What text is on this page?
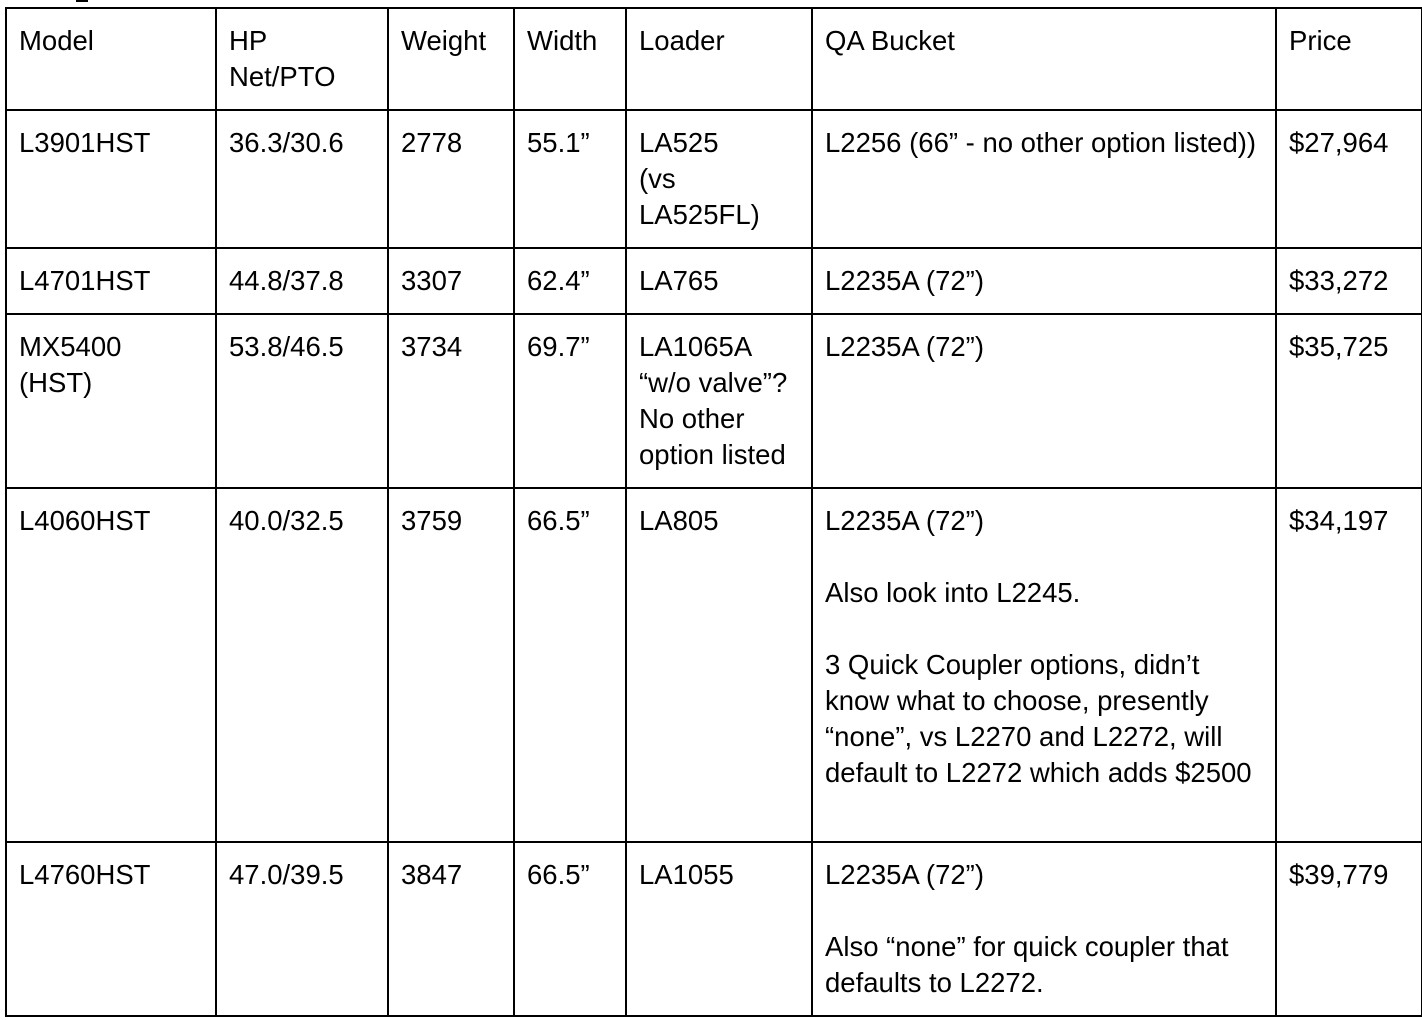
Model	HP
Net/PTO	Weight	Width	Loader	QA Bucket	Price

L3901HST	36.3/30.6	2778	55.1”	LA525
(vs
LA525FL)	L2256 (66” - no other option listed))	$27,964

L4701HST	44.8/37.8	3307	62.4”	LA765	L2235A (72”)	$33,272

MX5400
(HST)	53.8/46.5	3734	69.7”	LA1065A
“w/o valve”?
No other
option listed	L2235A (72”)	$35,725

L4060HST	40.0/32.5	3759	66.5”	LA805	L2235A (72”)
Also look into L2245.
3 Quick Coupler options, didn’t know what to choose, presently “none”, vs L2270 and L2272, will default to L2272 which adds $2500	$34,197

L4760HST	47.0/39.5	3847	66.5”	LA1055	L2235A (72”)
Also “none” for quick coupler that defaults to L2272.	$39,779
